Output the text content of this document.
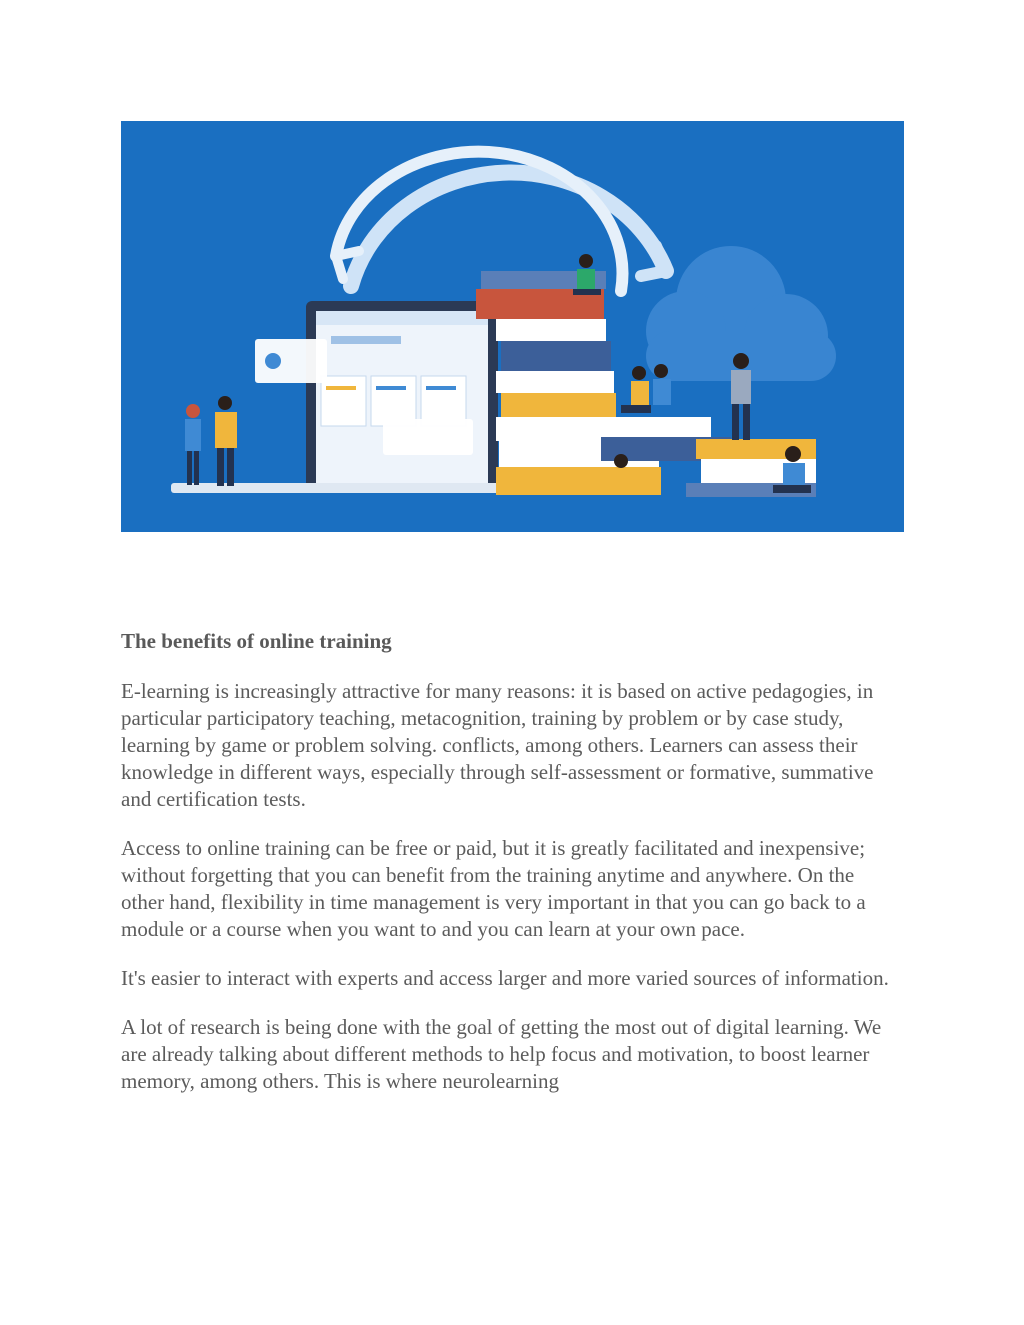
The benefits of online training

E-learning is increasingly attractive for many reasons: it is based on active pedagogies, in particular participatory teaching, metacognition, training by problem or by case study, learning by game or problem solving. conflicts, among others. Learners can assess their knowledge in different ways, especially through self-assessment or formative, summative and certification tests.

Access to online training can be free or paid, but it is greatly facilitated and inexpensive; without forgetting that you can benefit from the training anytime and anywhere. On the other hand, flexibility in time management is very important in that you can go back to a module or a course when you want to and you can learn at your own pace.

It's easier to interact with experts and access larger and more varied sources of information.

A lot of research is being done with the goal of getting the most out of digital learning. We are already talking about different methods to help focus and motivation, to boost learner memory, among others. This is where neurolearning
